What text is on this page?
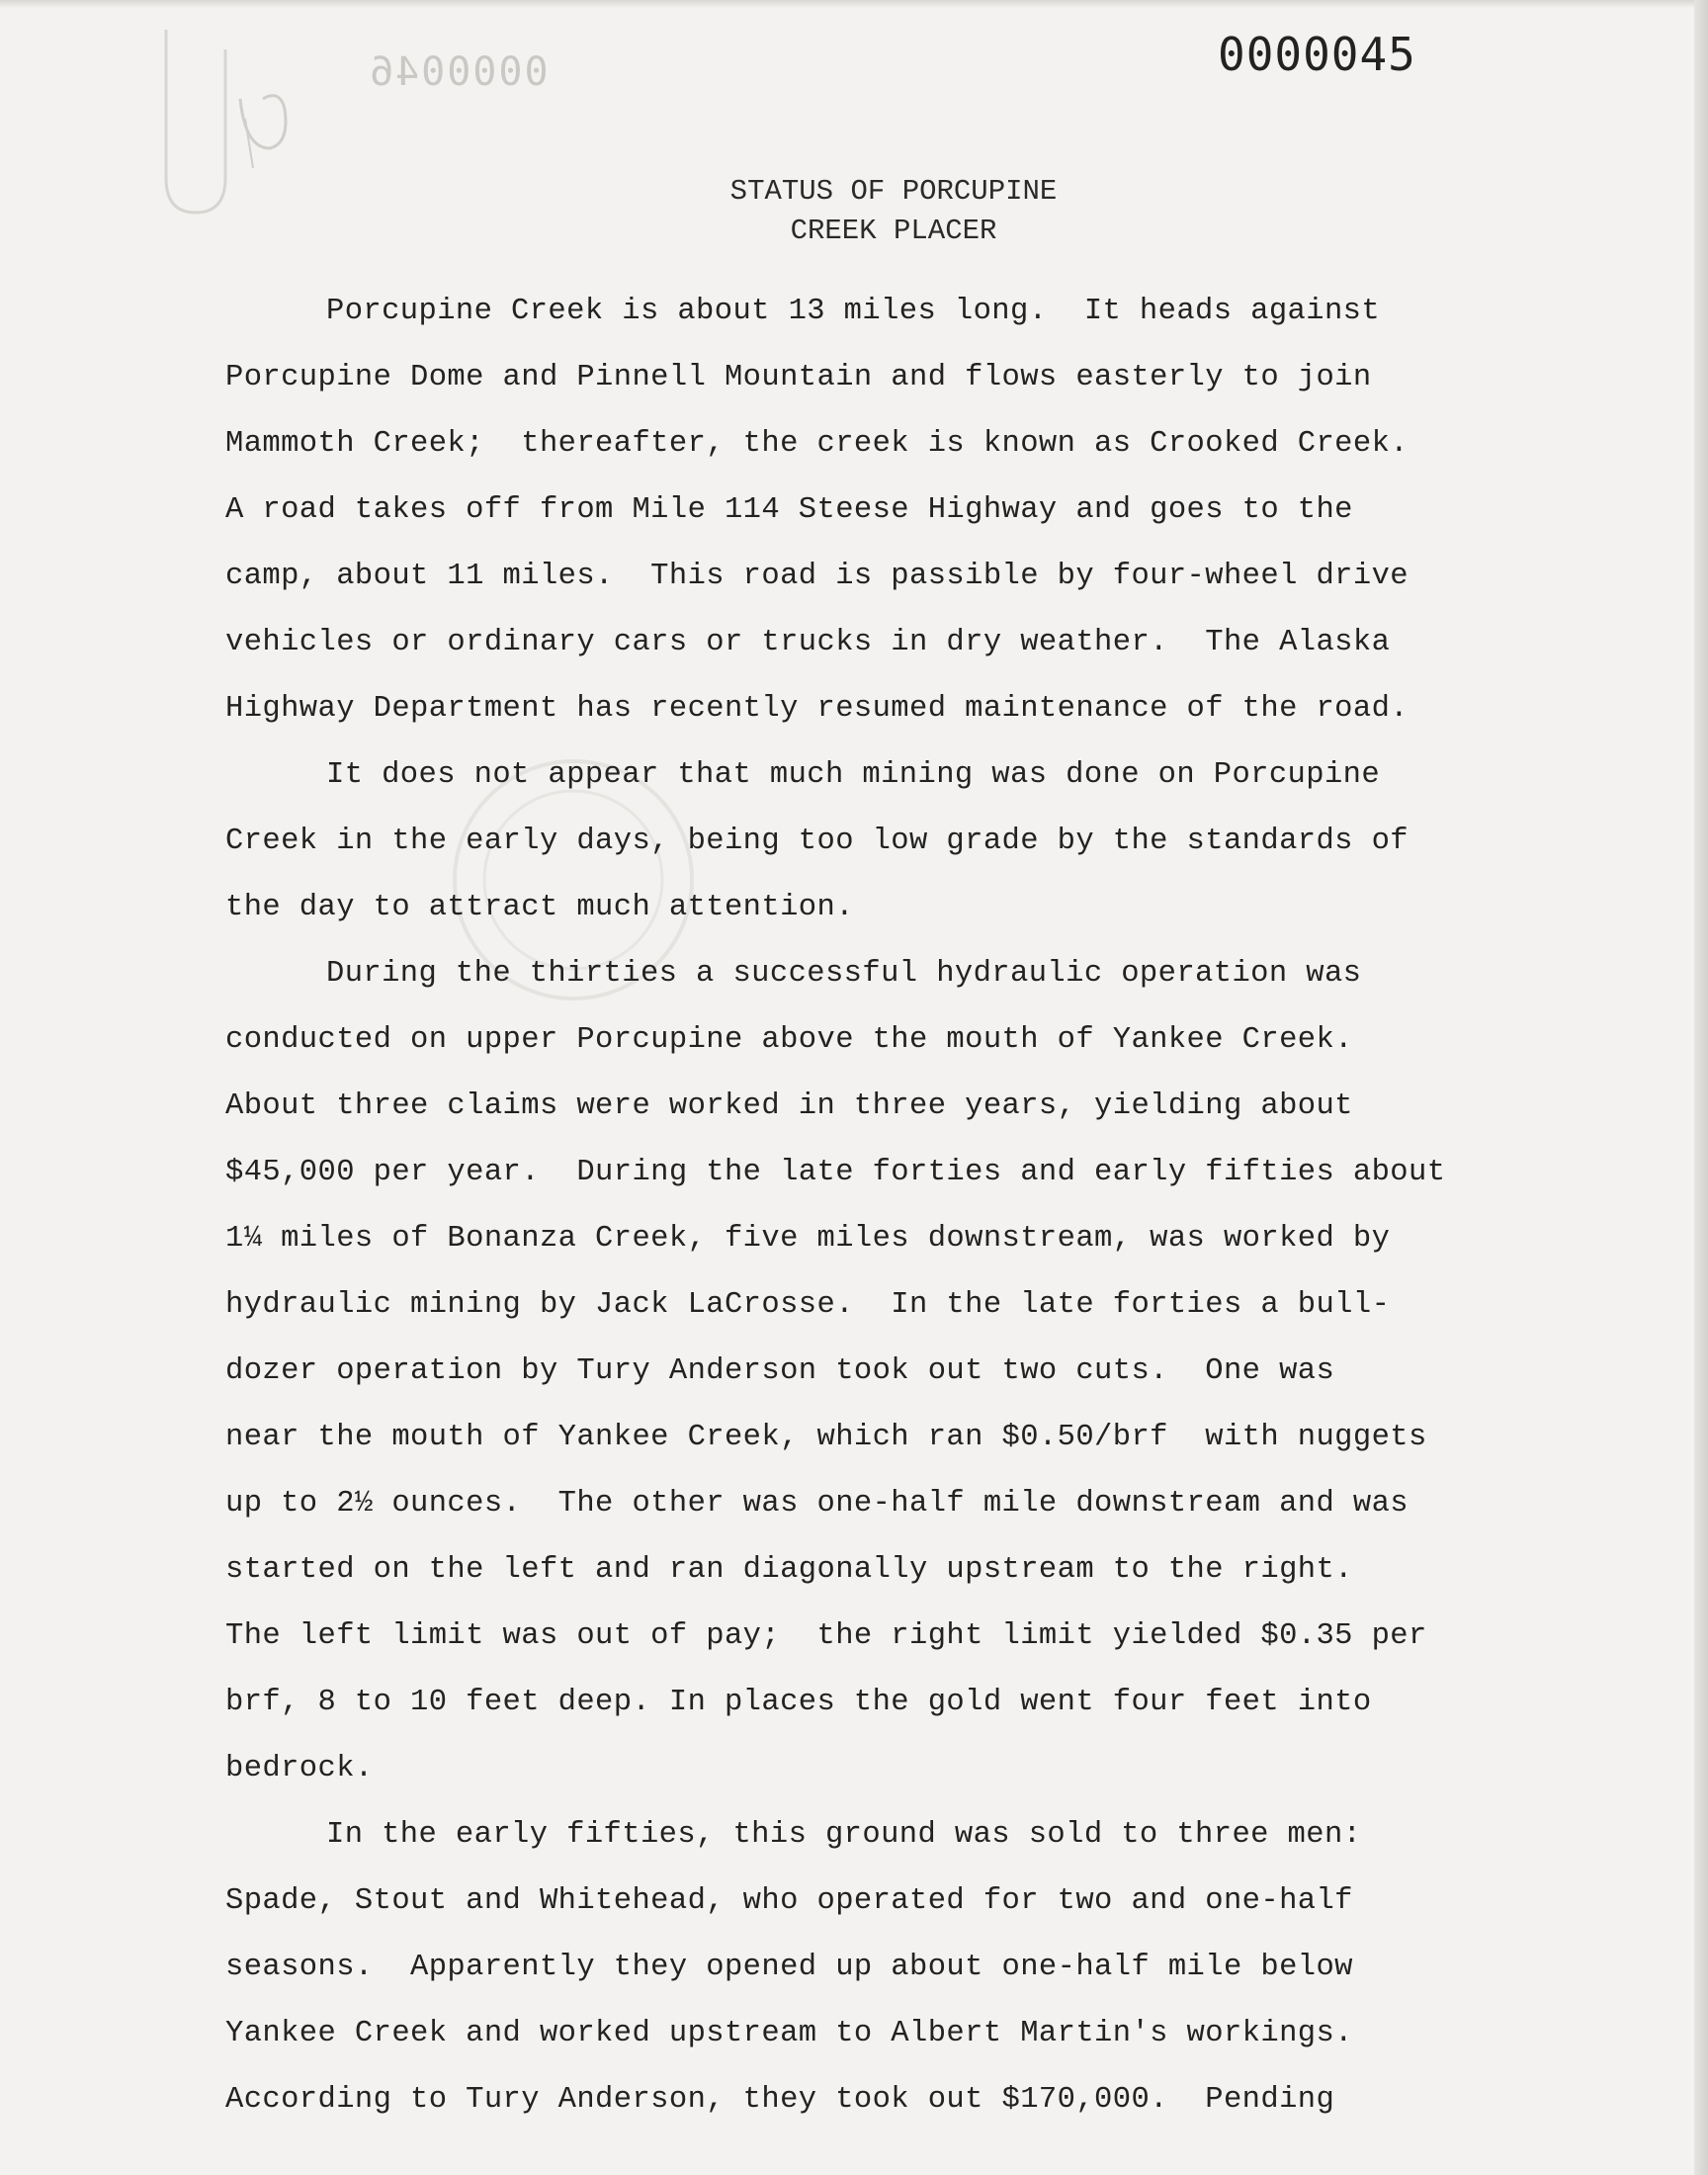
0000046	0000045
STATUS OF PORCUPINE
CREEK PLACER
Porcupine Creek is about 13 miles long.  It heads against
Porcupine Dome and Pinnell Mountain and flows easterly to join
Mammoth Creek;  thereafter, the creek is known as Crooked Creek.
A road takes off from Mile 114 Steese Highway and goes to the
camp, about 11 miles.  This road is passible by four-wheel drive
vehicles or ordinary cars or trucks in dry weather.  The Alaska
Highway Department has recently resumed maintenance of the road.
It does not appear that much mining was done on Porcupine
Creek in the early days, being too low grade by the standards of
the day to attract much attention.
During the thirties a successful hydraulic operation was
conducted on upper Porcupine above the mouth of Yankee Creek.
About three claims were worked in three years, yielding about
$45,000 per year.  During the late forties and early fifties about
1¼ miles of Bonanza Creek, five miles downstream, was worked by
hydraulic mining by Jack LaCrosse.  In the late forties a bull-
dozer operation by Tury Anderson took out two cuts.  One was
near the mouth of Yankee Creek, which ran $0.50/brf  with nuggets
up to 2½ ounces.  The other was one-half mile downstream and was
started on the left and ran diagonally upstream to the right.
The left limit was out of pay;  the right limit yielded $0.35 per
brf, 8 to 10 feet deep. In places the gold went four feet into
bedrock.
In the early fifties, this ground was sold to three men:
Spade, Stout and Whitehead, who operated for two and one-half
seasons.  Apparently they opened up about one-half mile below
Yankee Creek and worked upstream to Albert Martin's workings.
According to Tury Anderson, they took out $170,000.  Pending
